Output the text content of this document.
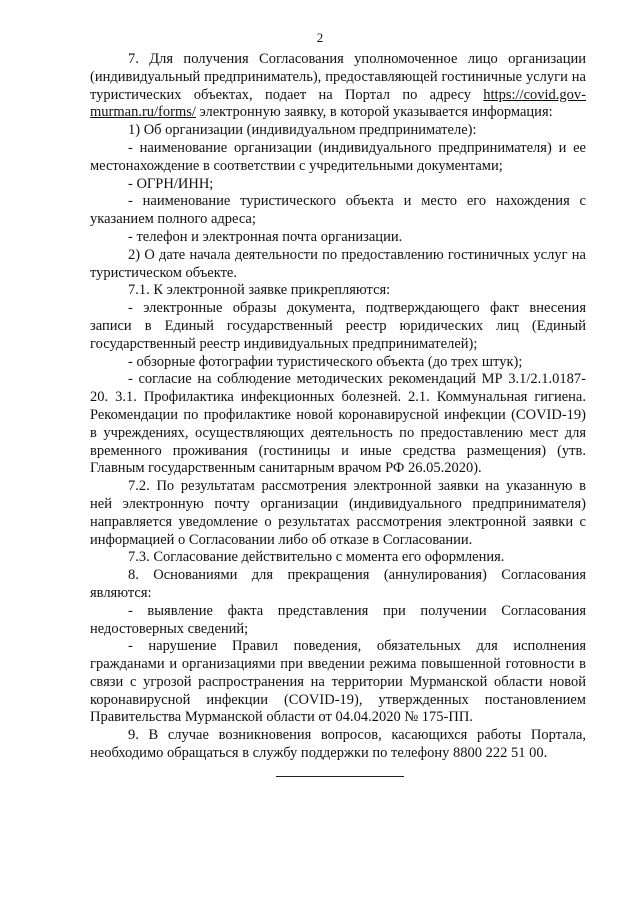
2

7. Для получения Согласования уполномоченное лицо организации (индивидуальный предприниматель), предоставляющей гостиничные услуги на туристических объектах, подает на Портал по адресу https://covid.gov-murman.ru/forms/ электронную заявку, в которой указывается информация:

1) Об организации (индивидуальном предпринимателе):

- наименование организации (индивидуального предпринимателя) и ее местонахождение в соответствии с учредительными документами;

- ОГРН/ИНН;

- наименование туристического объекта и место его нахождения с указанием полного адреса;

- телефон и электронная почта организации.

2) О дате начала деятельности по предоставлению гостиничных услуг на туристическом объекте.

7.1. К электронной заявке прикрепляются:

- электронные образы документа, подтверждающего факт внесения записи в Единый государственный реестр юридических лиц (Единый государственный реестр индивидуальных предпринимателей);

- обзорные фотографии туристического объекта (до трех штук);

- согласие на соблюдение методических рекомендаций МР 3.1/2.1.0187-20. 3.1. Профилактика инфекционных болезней. 2.1. Коммунальная гигиена. Рекомендации по профилактике новой коронавирусной инфекции (COVID-19) в учреждениях, осуществляющих деятельность по предоставлению мест для временного проживания (гостиницы и иные средства размещения) (утв. Главным государственным санитарным врачом РФ 26.05.2020).

7.2. По результатам рассмотрения электронной заявки на указанную в ней электронную почту организации (индивидуального предпринимателя) направляется уведомление о результатах рассмотрения электронной заявки с информацией о Согласовании либо об отказе в Согласовании.

7.3. Согласование действительно с момента его оформления.

8. Основаниями для прекращения (аннулирования) Согласования являются:

- выявление факта представления при получении Согласования недостоверных сведений;

- нарушение Правил поведения, обязательных для исполнения гражданами и организациями при введении режима повышенной готовности в связи с угрозой распространения на территории Мурманской области новой коронавирусной инфекции (COVID-19), утвержденных постановлением Правительства Мурманской области от 04.04.2020 № 175-ПП.

9. В случае возникновения вопросов, касающихся работы Портала, необходимо обращаться в службу поддержки по телефону 8800 222 51 00.
